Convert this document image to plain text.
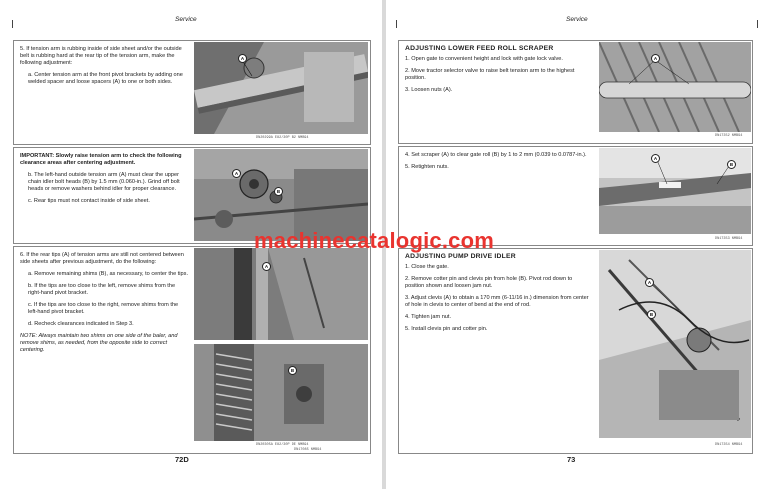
Service

5. If tension arm is rubbing inside of side sheet and/or the outside belt is rubbing hard at the rear tip of the tension arm, make the following adjustment:

a. Center tension arm at the front pivot brackets by adding one welded spacer and loose spacers (A) to one or both sides.

A
DN20299A E82/30P B2 NMB94

IMPORTANT: Slowly raise tension arm to check the following clearance areas after centering adjustment.

b. The left-hand outside tension arm (A) must clear the upper chain idler bolt heads (B) by 1.5 mm (0.060-in.). Grind off bolt heads or remove washers behind idler for proper clearance.

c. Rear tips must not contact inside of side sheet.

A
B

6. If the rear tips (A) of tension arms are still not centered between side sheets after previous adjustment, do the following:

a. Remove remaining shims (B), as necessary, to center the tips.

b. If the tips are too close to the left, remove shims from the right-hand pivot bracket.

c. If the tips are too close to the right, remove shims from the left-hand pivot bracket.

d. Recheck clearances indicated in Step 3.

NOTE: Always maintain two shims on one side of the baler, and remove shims, as needed, from the opposite side to correct centering.

A
B
DN20305A E82/30P DE NMB94
DN17085 NMB94
72D
Service
ADJUSTING LOWER FEED ROLL SCRAPER

1. Open gate to convenient height and lock with gate lock valve.

2. Move tractor selector valve to raise belt tension arm to the highest position.

3. Loosen nuts (A).

A
DN17352 NMB94

4. Set scraper (A) to clear gate roll (B) by 1 to 2 mm (0.039 to 0.0787-in.).

5. Retighten nuts.

A
B
DN17353 NMB94
ADJUSTING PUMP DRIVE IDLER

1. Close the gate.

2. Remove cotter pin and clevis pin from hole (B). Pivot rod down to position shown and loosen jam nut.

3. Adjust clevis (A) to obtain a 170 mm (6-11/16 in.) dimension from center of hole in clevis to center of bend at the end of rod.

4. Tighten jam nut.

5. Install clevis pin and cotter pin.

A
B
DN17354 NMB94
73
machinecatalogic.com
